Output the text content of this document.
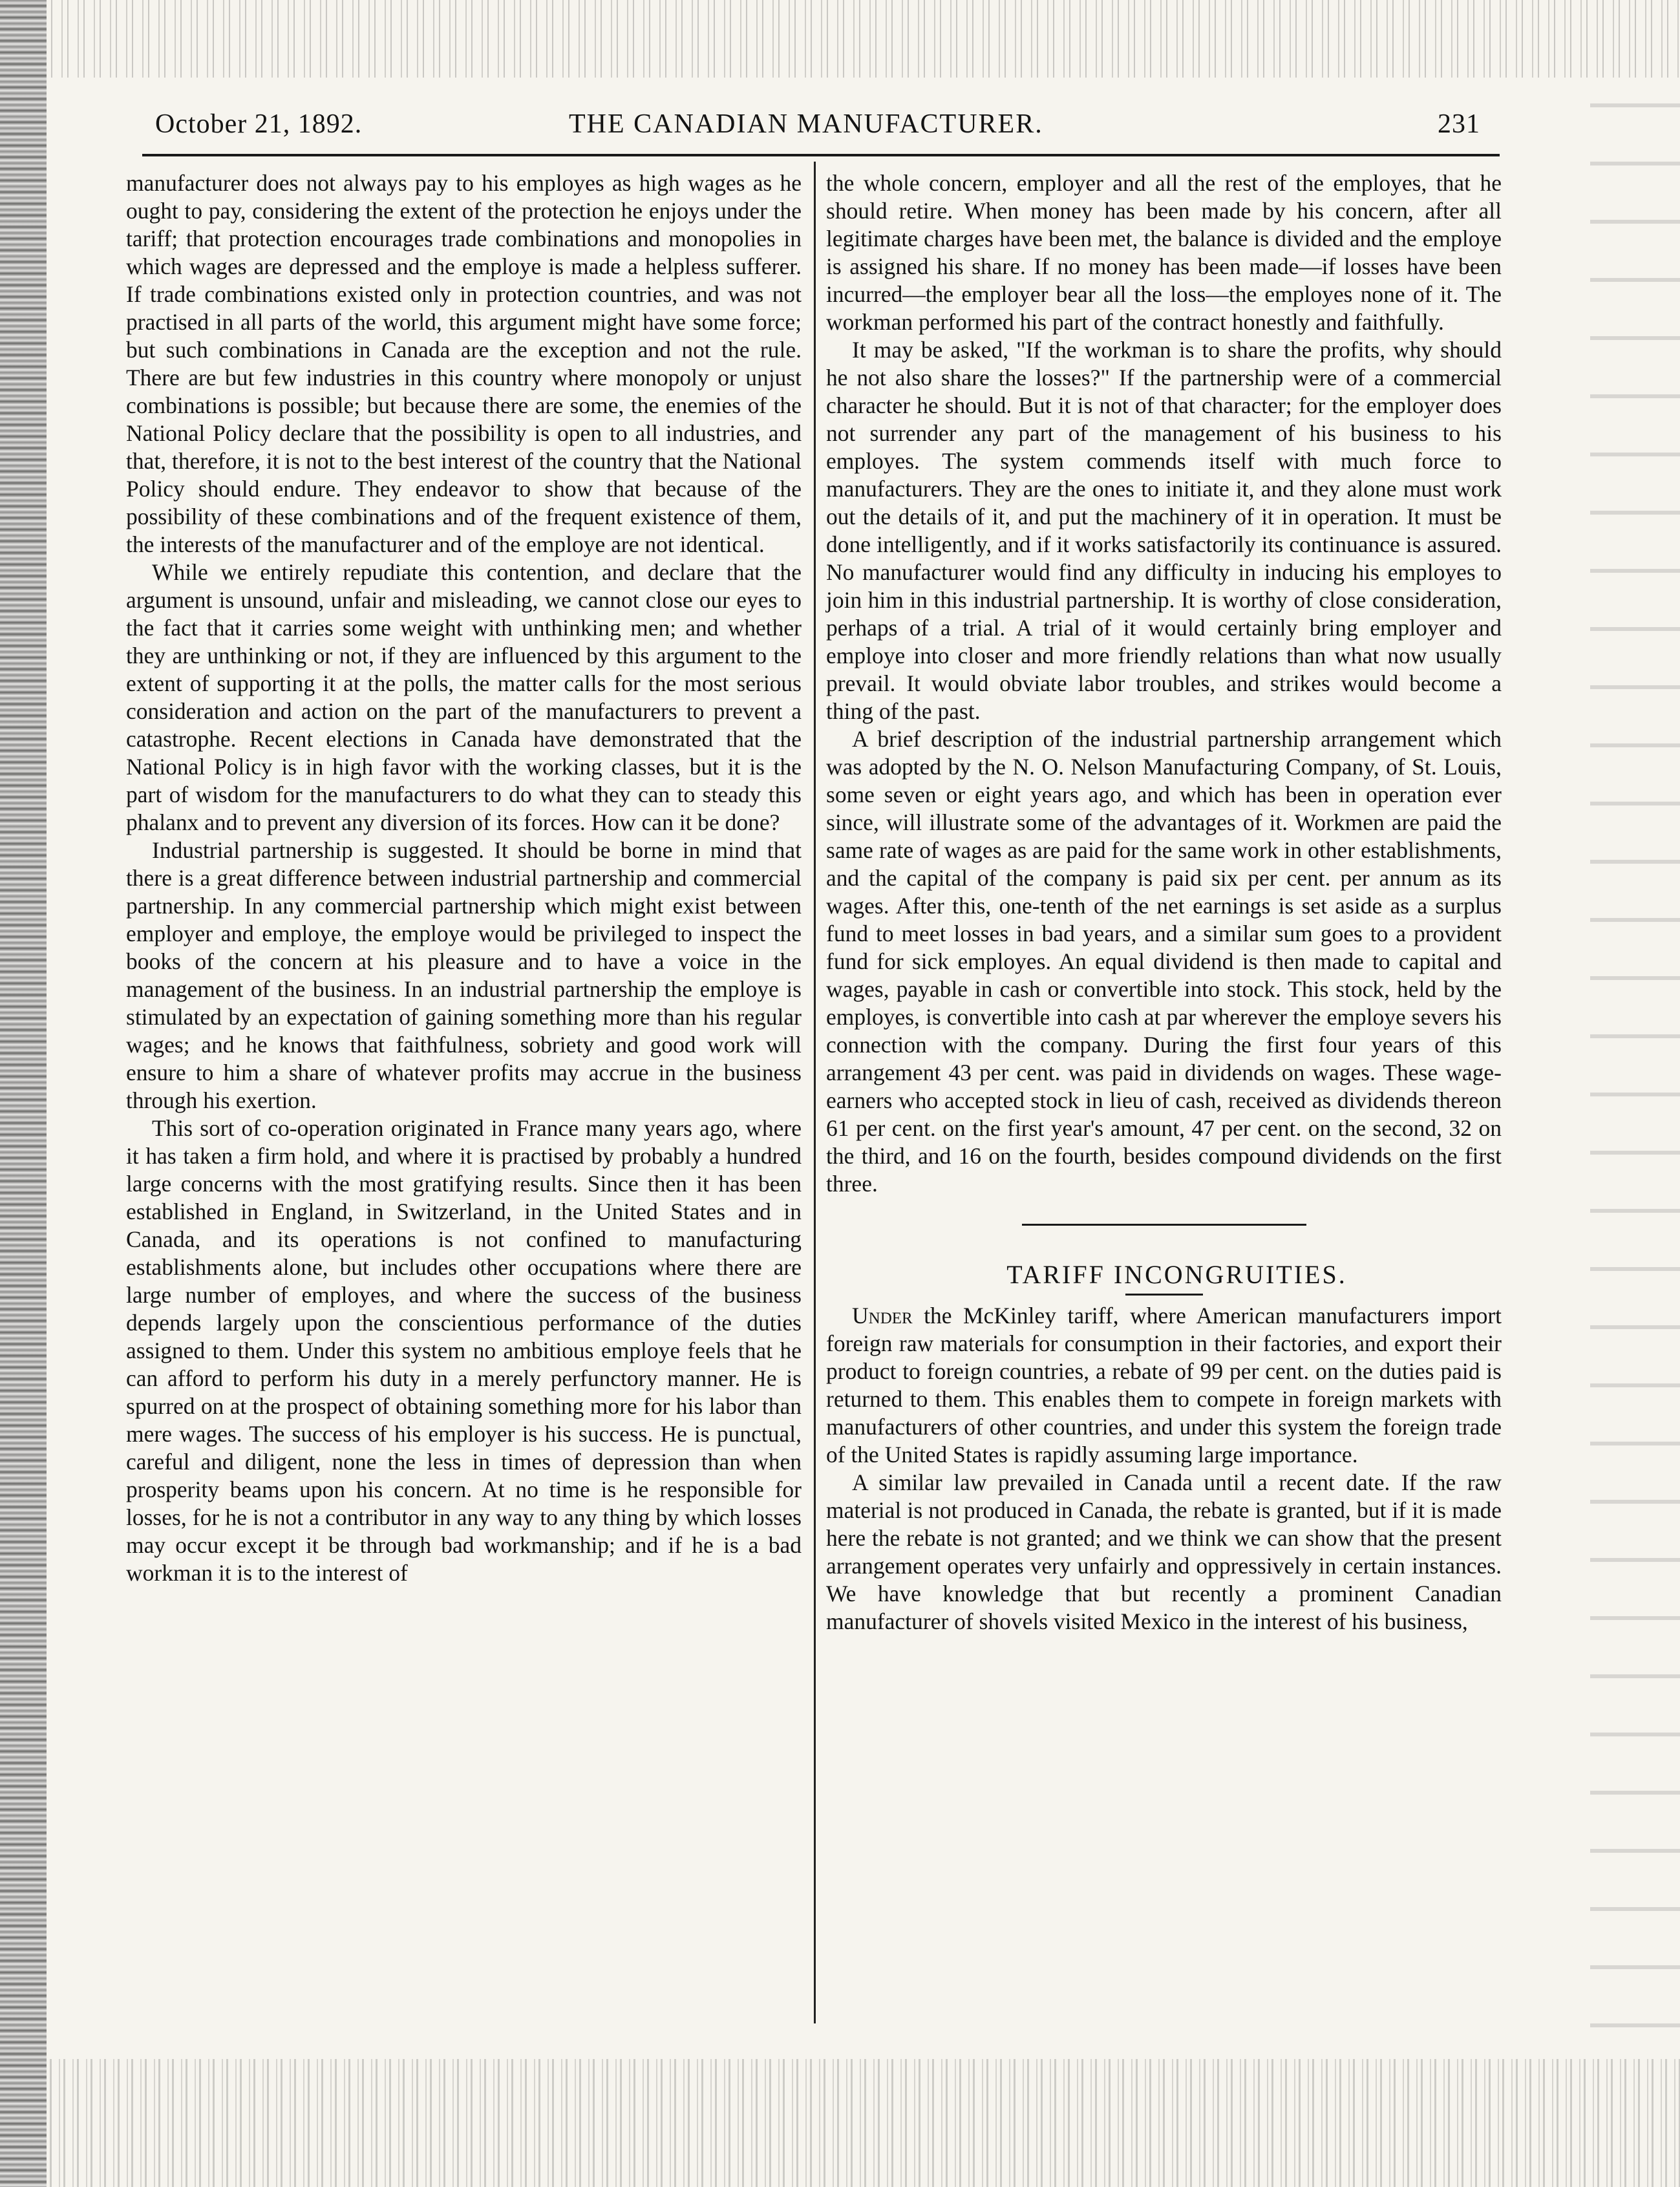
October 21, 1892.	THE CANADIAN MANUFACTURER.	231

manufacturer does not always pay to his employes as high wages as he ought to pay, considering the extent of the protection he enjoys under the tariff; that protection encourages trade combinations and monopolies in which wages are depressed and the employe is made a helpless sufferer. If trade combinations existed only in protection countries, and was not practised in all parts of the world, this argument might have some force; but such combinations in Canada are the exception and not the rule. There are but few industries in this country where monopoly or unjust combinations is possible; but because there are some, the enemies of the National Policy declare that the possibility is open to all industries, and that, therefore, it is not to the best interest of the country that the National Policy should endure. They endeavor to show that because of the possibility of these combinations and of the frequent existence of them, the interests of the manufacturer and of the employe are not identical.

While we entirely repudiate this contention, and declare that the argument is unsound, unfair and misleading, we cannot close our eyes to the fact that it carries some weight with unthinking men; and whether they are unthinking or not, if they are influenced by this argument to the extent of supporting it at the polls, the matter calls for the most serious consideration and action on the part of the manufacturers to prevent a catastrophe. Recent elections in Canada have demonstrated that the National Policy is in high favor with the working classes, but it is the part of wisdom for the manufacturers to do what they can to steady this phalanx and to prevent any diversion of its forces. How can it be done?

Industrial partnership is suggested. It should be borne in mind that there is a great difference between industrial partnership and commercial partnership. In any commercial partnership which might exist between employer and employe, the employe would be privileged to inspect the books of the concern at his pleasure and to have a voice in the management of the business. In an industrial partnership the employe is stimulated by an expectation of gaining something more than his regular wages; and he knows that faithfulness, sobriety and good work will ensure to him a share of whatever profits may accrue in the business through his exertion.

This sort of co-operation originated in France many years ago, where it has taken a firm hold, and where it is practised by probably a hundred large concerns with the most gratifying results. Since then it has been established in England, in Switzerland, in the United States and in Canada, and its operations is not confined to manufacturing establishments alone, but includes other occupations where there are large number of employes, and where the success of the business depends largely upon the conscientious performance of the duties assigned to them. Under this system no ambitious employe feels that he can afford to perform his duty in a merely perfunctory manner. He is spurred on at the prospect of obtaining something more for his labor than mere wages. The success of his employer is his success. He is punctual, careful and diligent, none the less in times of depression than when prosperity beams upon his concern. At no time is he responsible for losses, for he is not a contributor in any way to any thing by which losses may occur except it be through bad workmanship; and if he is a bad workman it is to the interest of

the whole concern, employer and all the rest of the employes, that he should retire. When money has been made by his concern, after all legitimate charges have been met, the balance is divided and the employe is assigned his share. If no money has been made—if losses have been incurred—the employer bear all the loss—the employes none of it. The workman performed his part of the contract honestly and faithfully.

It may be asked, "If the workman is to share the profits, why should he not also share the losses?" If the partnership were of a commercial character he should. But it is not of that character; for the employer does not surrender any part of the management of his business to his employes. The system commends itself with much force to manufacturers. They are the ones to initiate it, and they alone must work out the details of it, and put the machinery of it in operation. It must be done intelligently, and if it works satisfactorily its continuance is assured. No manufacturer would find any difficulty in inducing his employes to join him in this industrial partnership. It is worthy of close consideration, perhaps of a trial. A trial of it would certainly bring employer and employe into closer and more friendly relations than what now usually prevail. It would obviate labor troubles, and strikes would become a thing of the past.

A brief description of the industrial partnership arrangement which was adopted by the N. O. Nelson Manufacturing Company, of St. Louis, some seven or eight years ago, and which has been in operation ever since, will illustrate some of the advantages of it. Workmen are paid the same rate of wages as are paid for the same work in other establishments, and the capital of the company is paid six per cent. per annum as its wages. After this, one-tenth of the net earnings is set aside as a surplus fund to meet losses in bad years, and a similar sum goes to a provident fund for sick employes. An equal dividend is then made to capital and wages, payable in cash or convertible into stock. This stock, held by the employes, is convertible into cash at par wherever the employe severs his connection with the company. During the first four years of this arrangement 43 per cent. was paid in dividends on wages. These wage-earners who accepted stock in lieu of cash, received as dividends thereon 61 per cent. on the first year's amount, 47 per cent. on the second, 32 on the third, and 16 on the fourth, besides compound dividends on the first three.

TARIFF INCONGRUITIES.

Under the McKinley tariff, where American manufacturers import foreign raw materials for consumption in their factories, and export their product to foreign countries, a rebate of 99 per cent. on the duties paid is returned to them. This enables them to compete in foreign markets with manufacturers of other countries, and under this system the foreign trade of the United States is rapidly assuming large importance.

A similar law prevailed in Canada until a recent date. If the raw material is not produced in Canada, the rebate is granted, but if it is made here the rebate is not granted; and we think we can show that the present arrangement operates very unfairly and oppressively in certain instances. We have knowledge that but recently a prominent Canadian manufacturer of shovels visited Mexico in the interest of his business,
